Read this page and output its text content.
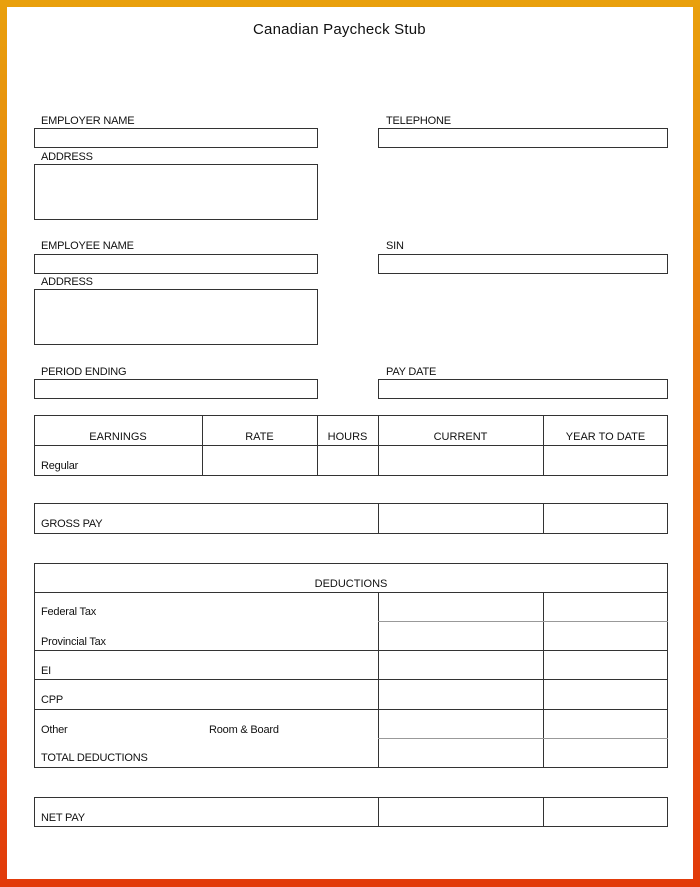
Canadian Paycheck Stub
EMPLOYER NAME	TELEPHONE
ADDRESS
EMPLOYEE NAME	SIN
ADDRESS
PERIOD ENDING	PAY DATE
EARNINGS	RATE	HOURS	CURRENT	YEAR TO DATE
Regular
GROSS PAY
DEDUCTIONS
Federal Tax
Provincial Tax
EI
CPP
Other	Room & Board
TOTAL DEDUCTIONS
NET PAY
